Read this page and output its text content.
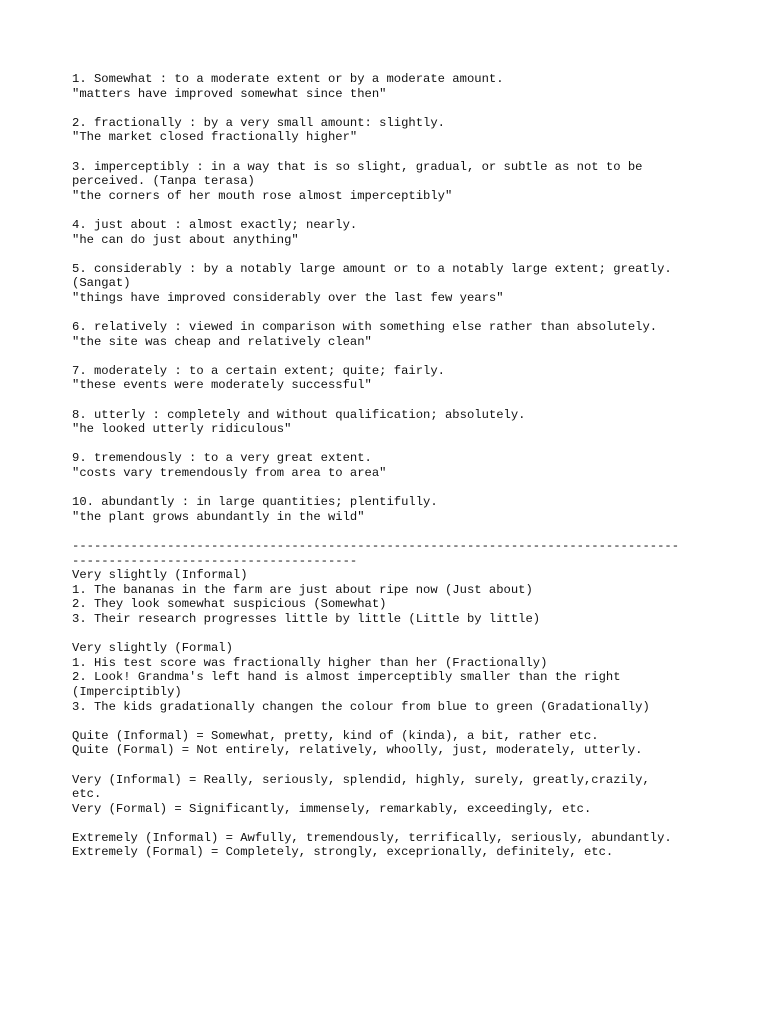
1. Somewhat : to a moderate extent or by a moderate amount.
"matters have improved somewhat since then"
2. fractionally : by a very small amount: slightly.
"The market closed fractionally higher"
3. imperceptibly : in a way that is so slight, gradual, or subtle as not to be
perceived. (Tanpa terasa)
"the corners of her mouth rose almost imperceptibly"
4. just about : almost exactly; nearly.
"he can do just about anything"
5. considerably : by a notably large amount or to a notably large extent; greatly.
(Sangat)
"things have improved considerably over the last few years"
6. relatively : viewed in comparison with something else rather than absolutely.
"the site was cheap and relatively clean"
7. moderately : to a certain extent; quite; fairly.
"these events were moderately successful"
8. utterly : completely and without qualification; absolutely.
"he looked utterly ridiculous"
9. tremendously : to a very great extent.
"costs vary tremendously from area to area"
10. abundantly : in large quantities; plentifully.
"the plant grows abundantly in the wild"
-----------------------------------------------------------------------------------
---------------------------------------
Very slightly (Informal)
1. The bananas in the farm are just about ripe now (Just about)
2. They look somewhat suspicious (Somewhat)
3. Their research progresses little by little (Little by little)
Very slightly (Formal)
1. His test score was fractionally higher than her (Fractionally)
2. Look! Grandma's left hand is almost imperceptibly smaller than the right
(Imperciptibly)
3. The kids gradationally changen the colour from blue to green (Gradationally)
Quite (Informal) = Somewhat, pretty, kind of (kinda), a bit, rather etc.
Quite (Formal) = Not entirely, relatively, whoolly, just, moderately, utterly.
Very (Informal) = Really, seriously, splendid, highly, surely, greatly,crazily,
etc.
Very (Formal) = Significantly, immensely, remarkably, exceedingly, etc.
Extremely (Informal) = Awfully, tremendously, terrifically, seriously, abundantly.
Extremely (Formal) = Completely, strongly, exceprionally, definitely, etc.
